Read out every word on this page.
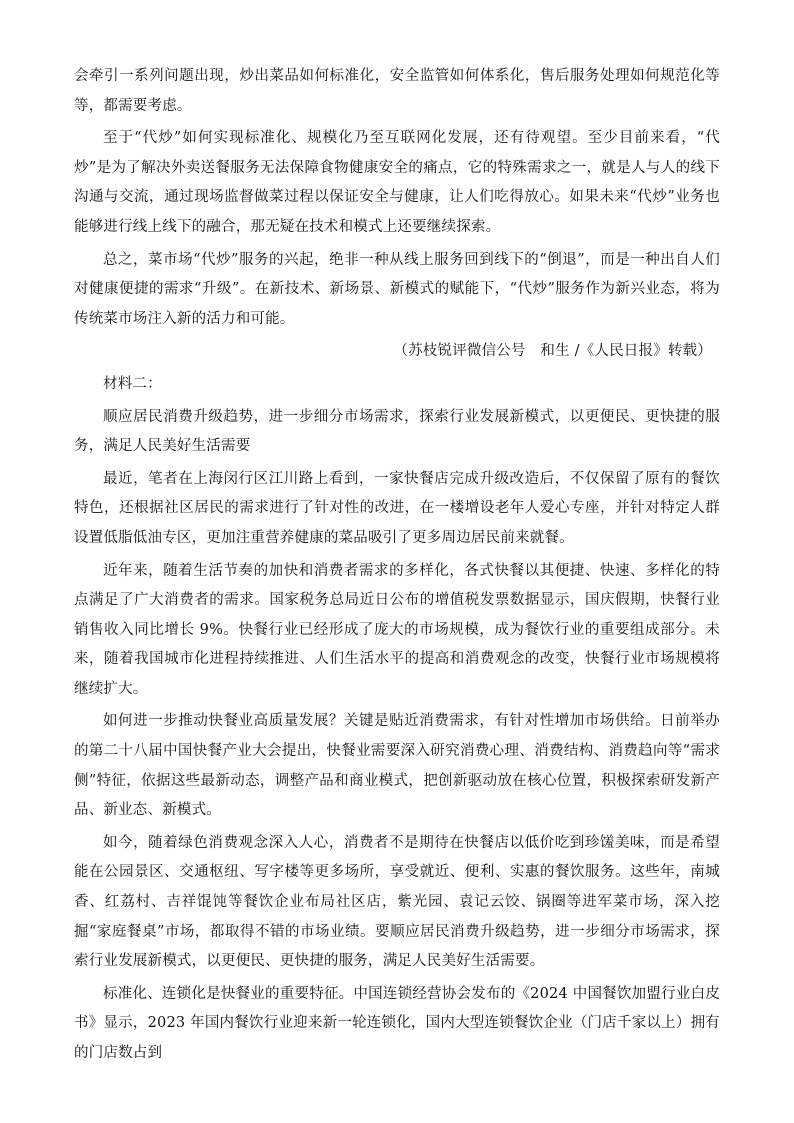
会牵引一系列问题出现，炒出菜品如何标准化，安全监管如何体系化，售后服务处理如何规范化等等，都需要考虑。

至于“代炒”如何实现标准化、规模化乃至互联网化发展，还有待观望。至少目前来看，“代炒”是为了解决外卖送餐服务无法保障食物健康安全的痛点，它的特殊需求之一，就是人与人的线下沟通与交流，通过现场监督做菜过程以保证安全与健康，让人们吃得放心。如果未来“代炒”业务也能够进行线上线下的融合，那无疑在技术和模式上还要继续探索。

总之，菜市场“代炒”服务的兴起，绝非一种从线上服务回到线下的“倒退”，而是一种出自人们对健康便捷的需求“升级”。在新技术、新场景、新模式的赋能下，“代炒”服务作为新兴业态，将为传统菜市场注入新的活力和可能。

（苏枝锐评微信公号　和生 /《人民日报》转载）

材料二：

顺应居民消费升级趋势，进一步细分市场需求，探索行业发展新模式，以更便民、更快捷的服务，满足人民美好生活需要

最近，笔者在上海闵行区江川路上看到，一家快餐店完成升级改造后，不仅保留了原有的餐饮特色，还根据社区居民的需求进行了针对性的改进，在一楼增设老年人爱心专座，并针对特定人群设置低脂低油专区，更加注重营养健康的菜品吸引了更多周边居民前来就餐。

近年来，随着生活节奏的加快和消费者需求的多样化，各式快餐以其便捷、快速、多样化的特点满足了广大消费者的需求。国家税务总局近日公布的增值税发票数据显示，国庆假期，快餐行业销售收入同比增长 9%。快餐行业已经形成了庞大的市场规模，成为餐饮行业的重要组成部分。未来，随着我国城市化进程持续推进、人们生活水平的提高和消费观念的改变，快餐行业市场规模将继续扩大。

如何进一步推动快餐业高质量发展？关键是贴近消费需求，有针对性增加市场供给。日前举办的第二十八届中国快餐产业大会提出，快餐业需要深入研究消费心理、消费结构、消费趋向等“需求侧”特征，依据这些最新动态，调整产品和商业模式，把创新驱动放在核心位置，积极探索研发新产品、新业态、新模式。

如今，随着绿色消费观念深入人心，消费者不是期待在快餐店以低价吃到珍馐美味，而是希望能在公园景区、交通枢纽、写字楼等更多场所，享受就近、便利、实惠的餐饮服务。这些年，南城香、红荔村、吉祥馄饨等餐饮企业布局社区店，紫光园、袁记云饺、锅圈等进军菜市场，深入挖掘“家庭餐桌”市场，都取得不错的市场业绩。要顺应居民消费升级趋势，进一步细分市场需求，探索行业发展新模式，以更便民、更快捷的服务，满足人民美好生活需要。

标准化、连锁化是快餐业的重要特征。中国连锁经营协会发布的《2024 中国餐饮加盟行业白皮书》显示，2023 年国内餐饮行业迎来新一轮连锁化，国内大型连锁餐饮企业（门店千家以上）拥有的门店数占到
